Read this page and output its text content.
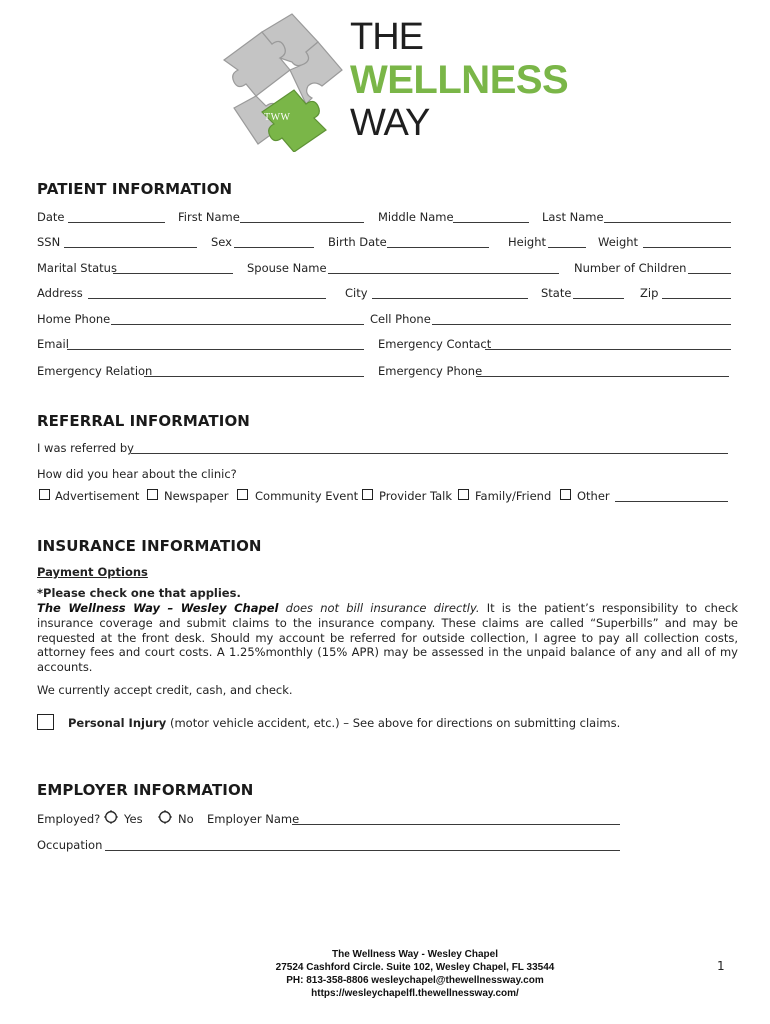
TWW
THE
WELLNESS
WAY
PATIENT INFORMATION
Date	First Name	Middle Name	Last Name
SSN	Sex	Birth Date	Height	Weight
Marital Status	Spouse Name	Number of Children
Address	City	State	Zip
Home Phone	Cell Phone
Email	Emergency Contact
Emergency Relation	Emergency Phone
REFERRAL INFORMATION
I was referred by
How did you hear about the clinic?
Advertisement Newspaper Community Event Provider Talk Family/Friend Other
INSURANCE INFORMATION
Payment Options
*Please check one that applies.
The Wellness Way – Wesley Chapel does not bill insurance directly. It is the patient’s responsibility to check insurance coverage and submit claims to the insurance company. These claims are called “Superbills” and may be requested at the front desk. Should my account be referred for outside collection, I agree to pay all collection costs, attorney fees and court costs. A 1.25%monthly (15% APR) may be assessed in the unpaid balance of any and all of my accounts.
We currently accept credit, cash, and check.
Personal Injury (motor vehicle accident, etc.) – See above for directions on submitting claims.
EMPLOYER INFORMATION
Employed? Yes	No Employer Name
Occupation
The Wellness Way - Wesley Chapel
27524 Cashford Circle. Suite 102, Wesley Chapel, FL 33544
PH: 813-358-8806 wesleychapel@thewellnessway.com
https://wesleychapelfl.thewellnessway.com/
1
